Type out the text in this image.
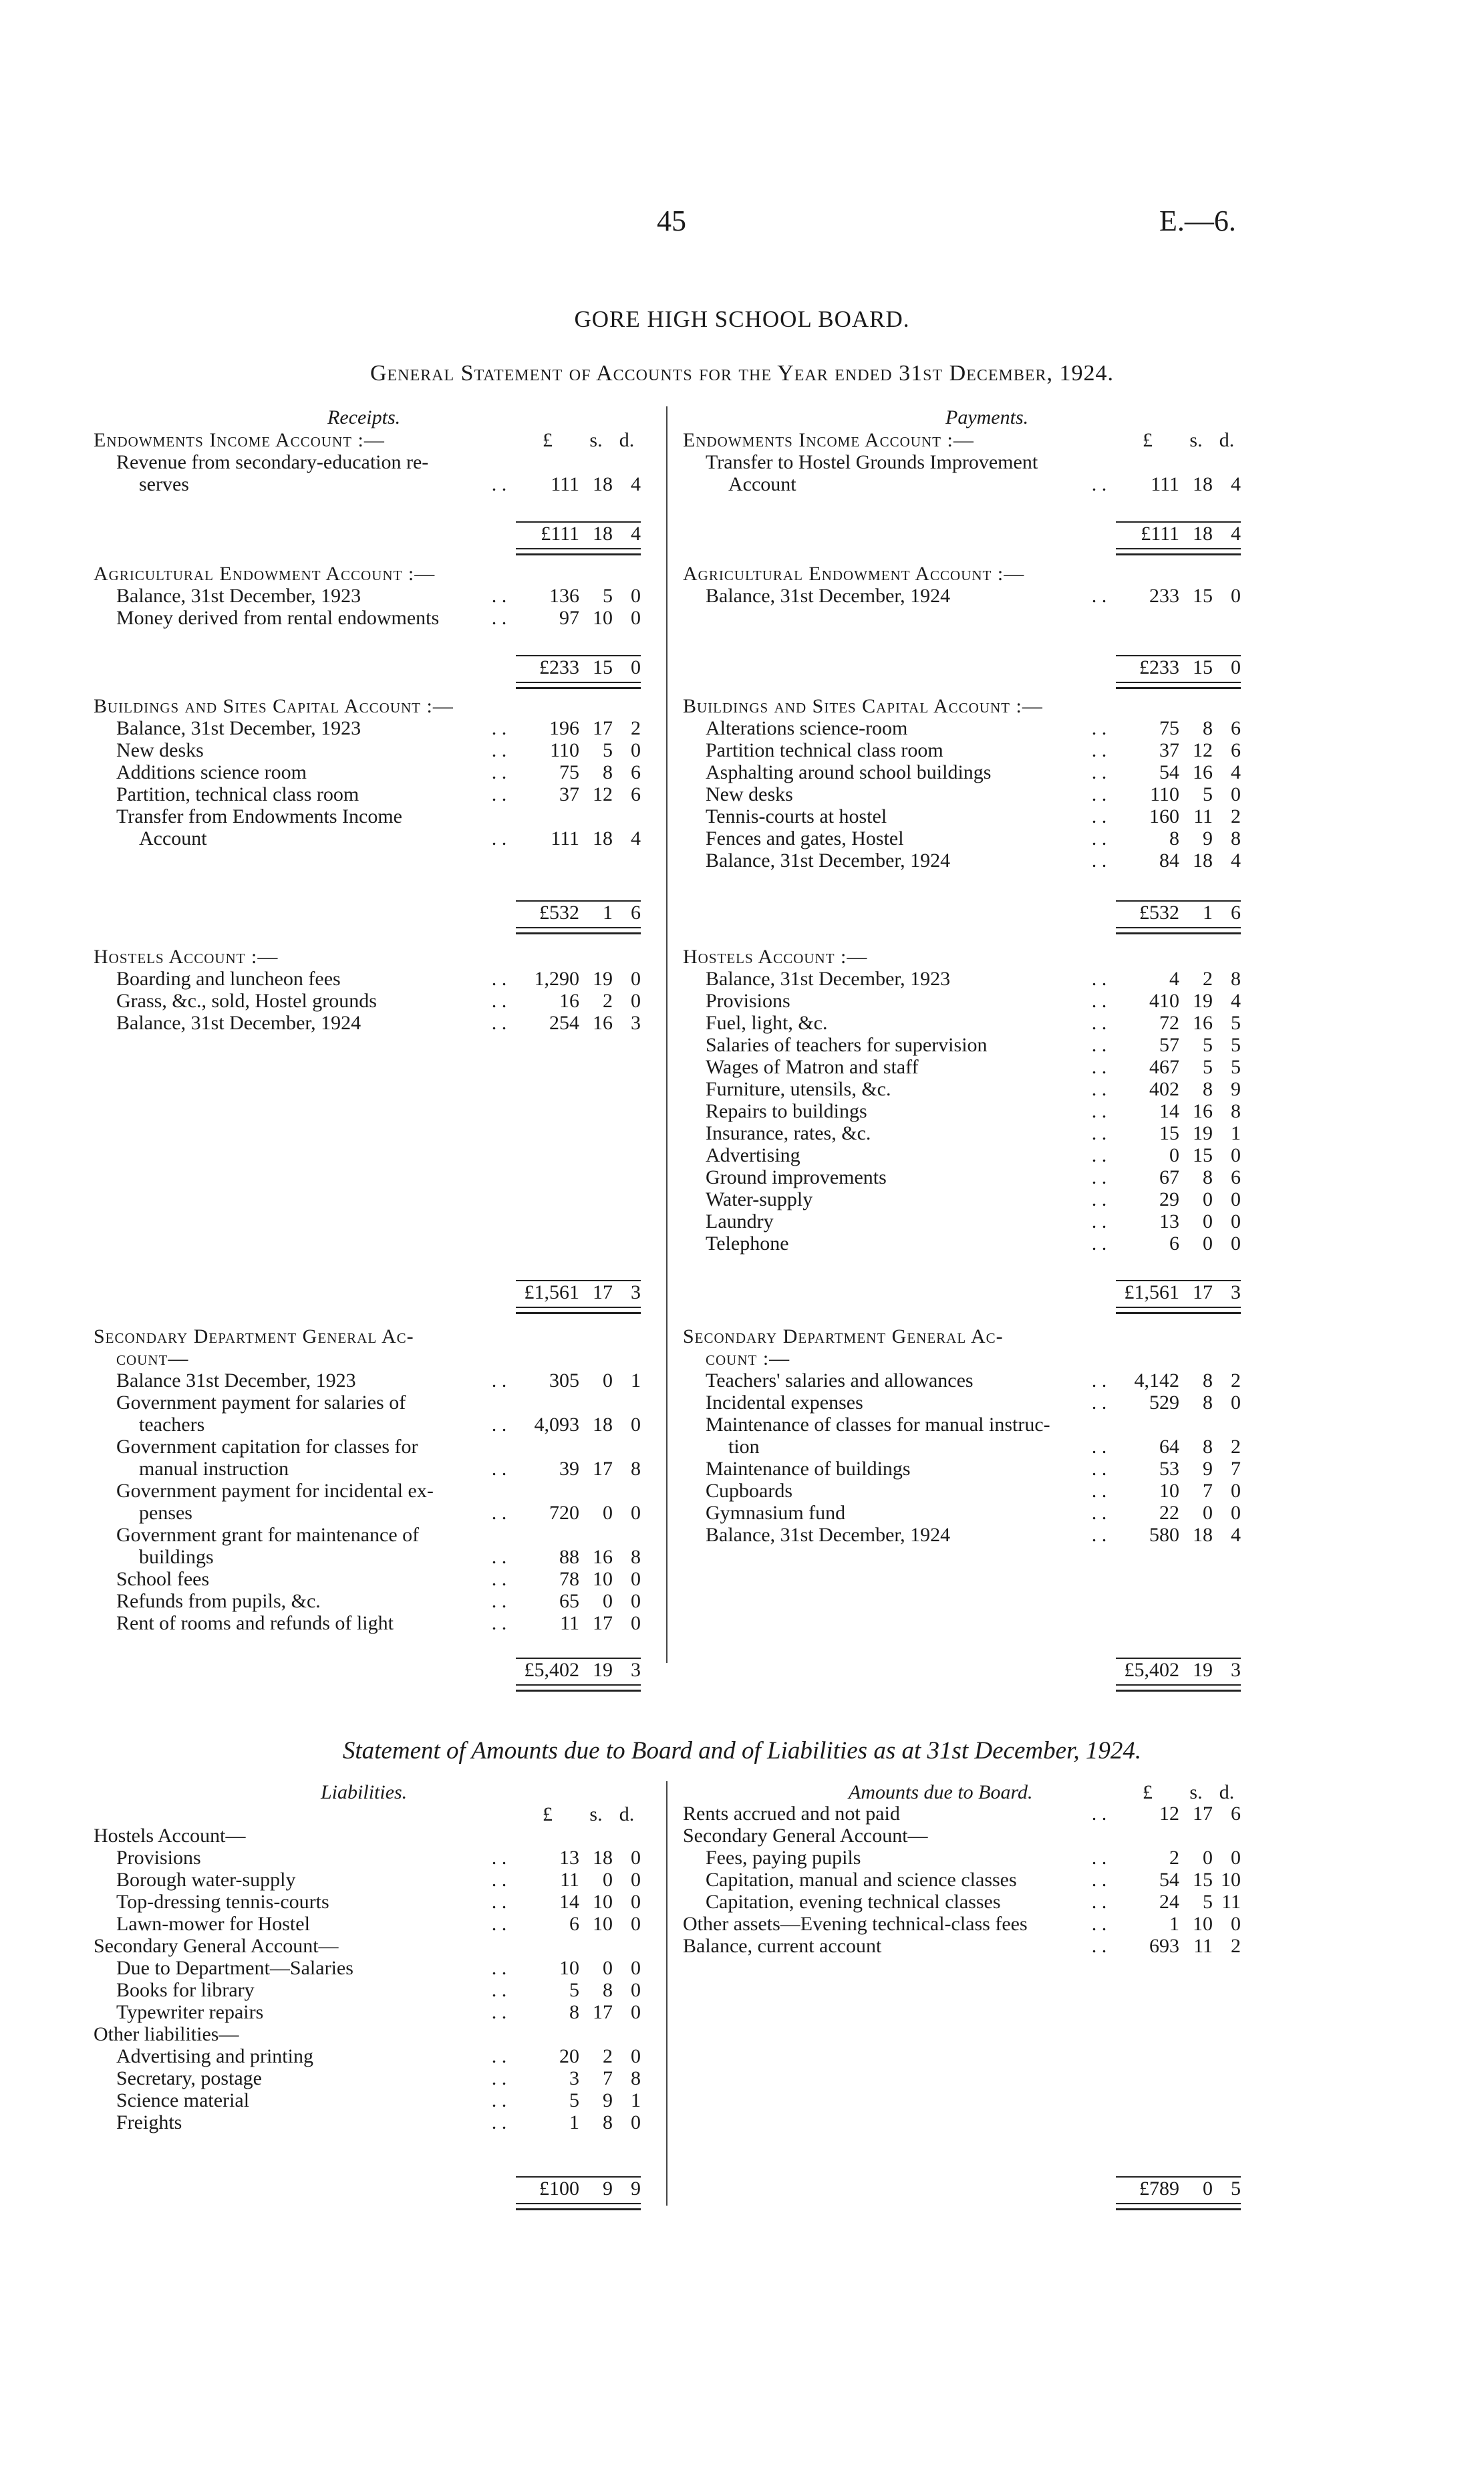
45	E.—6.
GORE HIGH SCHOOL BOARD.
General Statement of Accounts for the Year ended 31st December, 1924.
Receipts.	Payments.
£	s. d.	£	s. d.
Endowments Income Account :—
Revenue from secondary-education re-
serves	. .	111 18 4
£111 18 4
Agricultural Endowment Account :—
Balance, 31st December, 1923	. .	136	5 0
Money derived from rental endowments	. .	97 10 0
£233 15 0
Buildings and Sites Capital Account :—
Balance, 31st December, 1923	. .	196 17 2
New desks	. .	110	5 0
Additions science room	. .	75	8 6
Partition, technical class room	. .	37 12 6
Transfer from Endowments Income
Account	. .	111 18 4
£532	1 6
Hostels Account :—
Boarding and luncheon fees	. .	1,290 19 0
Grass, &c., sold, Hostel grounds	. .	16	2 0
Balance, 31st December, 1924	. .	254 16 3
£1,561 17 3
Secondary Department General Ac-
count—
Balance 31st December, 1923	. .	305	0 1
Government payment for salaries of
teachers	. .	4,093 18 0
Government capitation for classes for
manual instruction	. .	39 17 8
Government payment for incidental ex-
penses	. .	720	0 0
Government grant for maintenance of
buildings	. .	88 16 8
School fees	. .	78 10 0
Refunds from pupils, &c.	. .	65	0 0
Rent of rooms and refunds of light	. .	11 17 0
£5,402 19 3
Endowments Income Account :—
Transfer to Hostel Grounds Improvement
Account	. .	111 18 4
£111 18 4
Agricultural Endowment Account :—
Balance, 31st December, 1924	. .	233 15 0
£233 15 0
Buildings and Sites Capital Account :—
Alterations science-room	. .	75	8 6
Partition technical class room	. .	37 12 6
Asphalting around school buildings	. .	54 16 4
New desks	. .	110	5 0
Tennis-courts at hostel	. .	160 11 2
Fences and gates, Hostel	. .	8	9 8
Balance, 31st December, 1924	. .	84 18 4
£532	1 6
Hostels Account :—
Balance, 31st December, 1923	. .	4	2 8
Provisions	. .	410 19 4
Fuel, light, &c.	. .	72 16 5
Salaries of teachers for supervision	. .	57	5 5
Wages of Matron and staff	. .	467	5 5
Furniture, utensils, &c.	. .	402	8 9
Repairs to buildings	. .	14 16 8
Insurance, rates, &c.	. .	15 19 1
Advertising	. .	0 15 0
Ground improvements	. .	67	8 6
Water-supply	. .	29	0 0
Laundry	. .	13	0 0
Telephone	. .	6	0 0
£1,561 17 3
Secondary Department General Ac-
count :—
Teachers' salaries and allowances	. .	4,142	8 2
Incidental expenses	. .	529	8 0
Maintenance of classes for manual instruc-
tion	. .	64	8 2
Maintenance of buildings	. .	53	9 7
Cupboards	. .	10	7 0
Gymnasium fund	. .	22	0 0
Balance, 31st December, 1924	. .	580 18 4
£5,402 19 3
Statement of Amounts due to Board and of Liabilities as at 31st December, 1924.
Liabilities.	Amounts due to Board.
£	s. d.
£	s. d.
Hostels Account—
Provisions	. .	13 18 0
Borough water-supply	. .	11	0 0
Top-dressing tennis-courts	. .	14 10 0
Lawn-mower for Hostel	. .	6 10 0
Secondary General Account—
Due to Department—Salaries	. .	10	0 0
Books for library	. .	5	8 0
Typewriter repairs	. .	8 17 0
Other liabilities—
Advertising and printing	. .	20	2 0
Secretary, postage	. .	3	7 8
Science material	. .	5	9 1
Freights	. .	1	8 0
£100	9 9
Rents accrued and not paid	. .	12 17 6
Secondary General Account—
Fees, paying pupils	. .	2	0 0
Capitation, manual and science classes	. .	54 15 10
Capitation, evening technical classes	. .	24	5 11
Other assets—Evening technical-class fees	. .	1 10 0
Balance, current account	. .	693 11 2
£789	0 5
